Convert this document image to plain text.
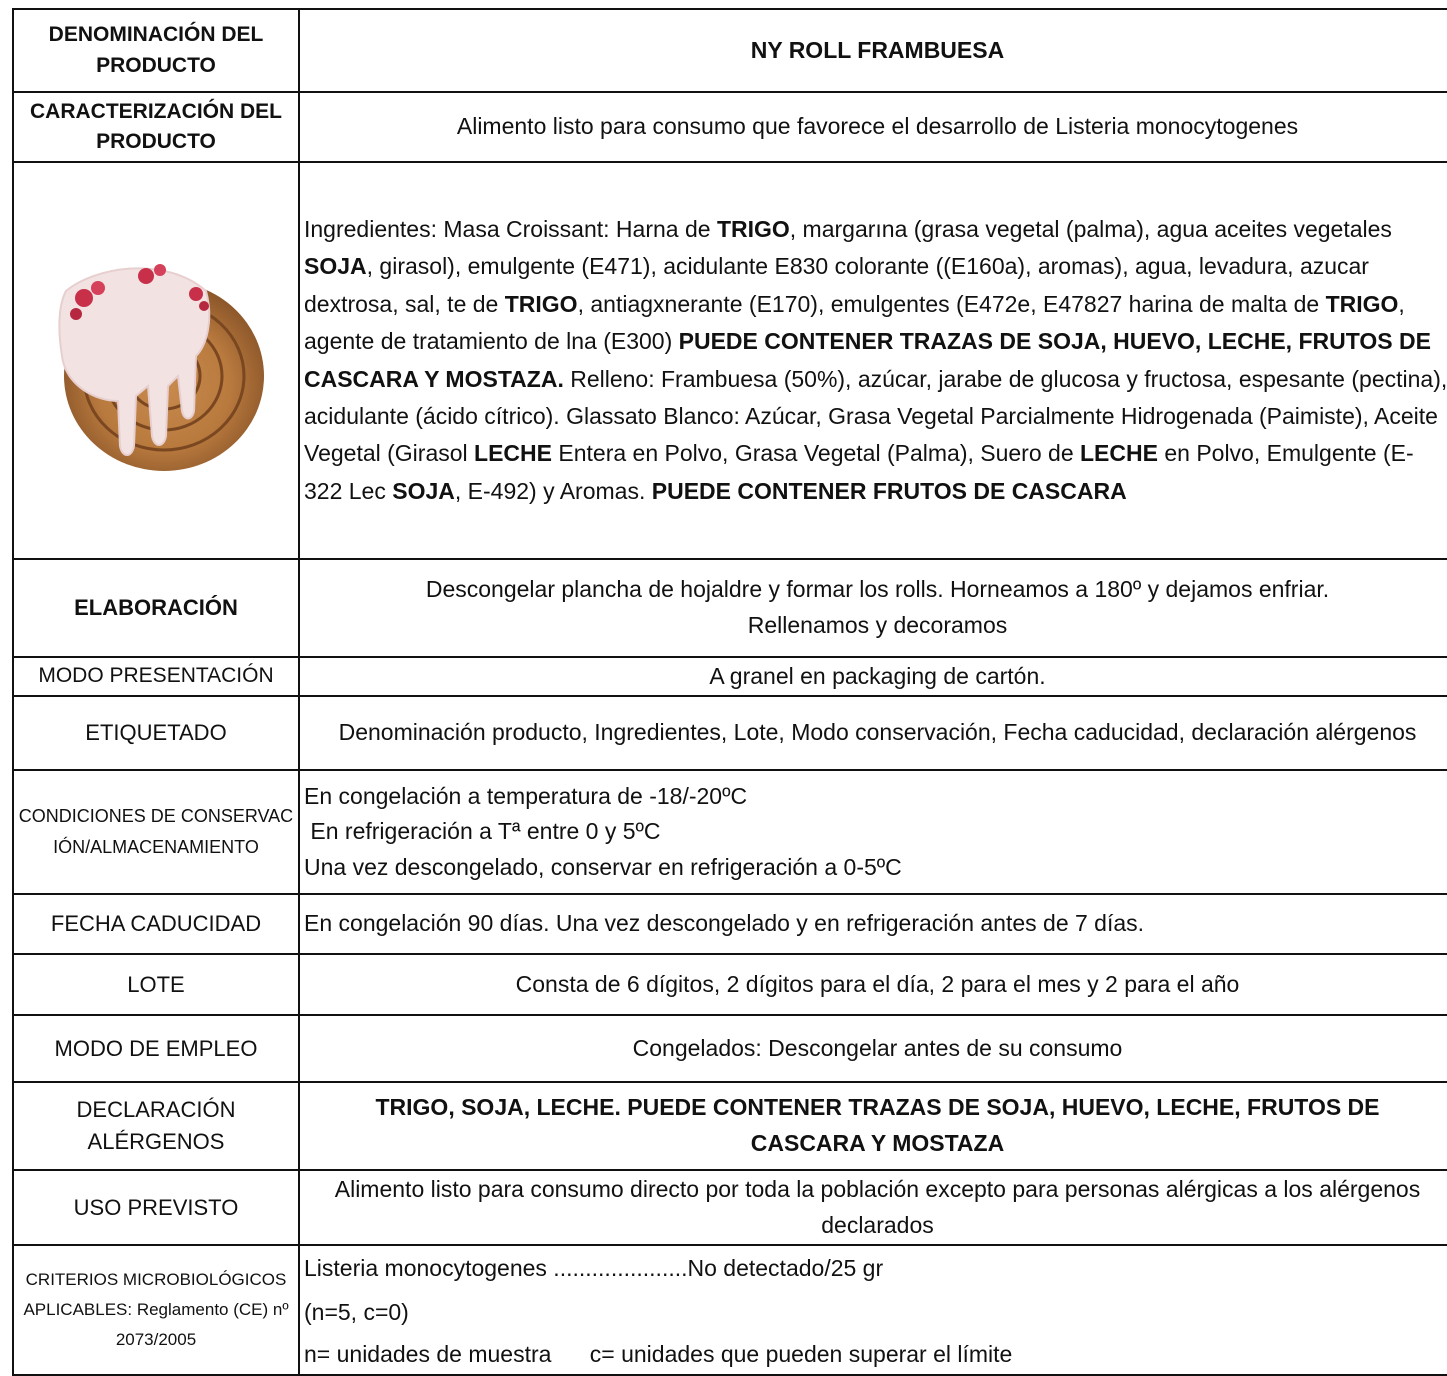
DENOMINACIÓN DEL PRODUCTO	NY ROLL FRAMBUESA
CARACTERIZACIÓN DEL PRODUCTO	Alimento listo para consumo que favorece el desarrollo de Listeria monocytogenes

	Ingredientes: Masa Croissant: Harna de TRIGO, margarına (grasa vegetal (palma), agua aceites vegetales SOJA, girasol), emulgente (E471), acidulante E830 colorante ((E160a), aromas), agua, levadura, azucar dextrosa, sal, te de TRIGO, antiagxnerante (E170), emulgentes (E472e, E47827 harina de malta de TRIGO, agente de tratamiento de lna (E300) PUEDE CONTENER TRAZAS DE SOJA, HUEVO, LECHE, FRUTOS DE CASCARA Y MOSTAZA. Relleno: Frambuesa (50%), azúcar, jarabe de glucosa y fructosa, espesante (pectina), acidulante (ácido cítrico). Glassato Blanco: Azúcar, Grasa Vegetal Parcialmente Hidrogenada (Paimiste), Aceite Vegetal (Girasol LECHE Entera en Polvo, Grasa Vegetal (Palma), Suero de LECHE en Polvo, Emulgente (E-322 Lec SOJA, E-492) y Aromas. PUEDE CONTENER FRUTOS DE CASCARA
ELABORACIÓN	Descongelar plancha de hojaldre y formar los rolls. Horneamos a 180º y dejamos enfriar.
Rellenamos y decoramos

MODO PRESENTACIÓN	A granel en packaging de cartón.
ETIQUETADO	Denominación producto, Ingredientes, Lote, Modo conservación, Fecha caducidad, declaración alérgenos
CONDICIONES DE CONSERVACIÓN/ALMACENAMIENTO	En congelación a temperatura de -18/-20ºC
En refrigeración a Tª entre 0 y 5ºC
Una vez descongelado, conservar en refrigeración a 0-5ºC

FECHA CADUCIDAD	En congelación 90 días. Una vez descongelado y en refrigeración antes de 7 días.
LOTE	Consta de 6 dígitos, 2 dígitos para el día, 2 para el mes y 2 para el año
MODO DE EMPLEO	Congelados: Descongelar antes de su consumo
DECLARACIÓN ALÉRGENOS	TRIGO, SOJA, LECHE. PUEDE CONTENER TRAZAS DE SOJA, HUEVO, LECHE, FRUTOS DE CASCARA Y MOSTAZA
USO PREVISTO	Alimento listo para consumo directo por toda la población excepto para personas alérgicas a los alérgenos declarados
CRITERIOS MICROBIOLÓGICOS APLICABLES: Reglamento (CE) nº 2073/2005	Listeria monocytogenes .....................No detectado/25 gr
(n=5, c=0)
n= unidades de muestra      c= unidades que pueden superar el límite
